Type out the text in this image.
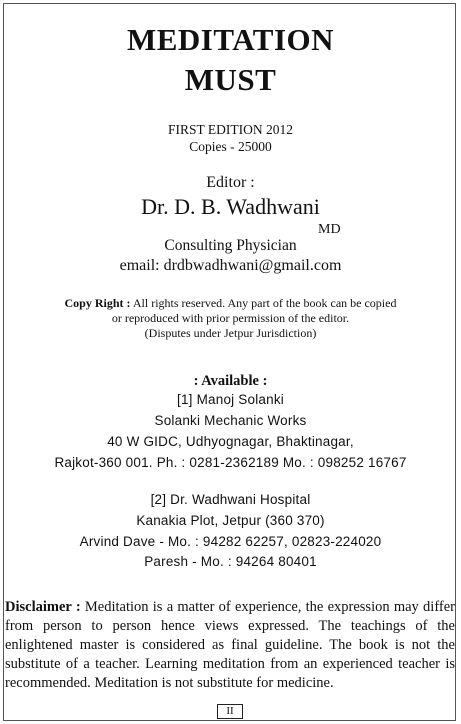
MEDITATION
MUST
FIRST EDITION 2012
Copies - 25000
Editor :
Dr. D. B. Wadhwani
MD
Consulting Physician
email: drdbwadhwani@gmail.com
Copy Right : All rights reserved. Any part of the book can be copied
or reproduced with prior permission of the editor.
(Disputes under Jetpur Jurisdiction)
: Available :
[1] Manoj Solanki
Solanki Mechanic Works
40 W GIDC, Udhyognagar, Bhaktinagar,
Rajkot-360 001. Ph. : 0281-2362189 Mo. : 098252 16767
[2] Dr. Wadhwani Hospital
Kanakia Plot, Jetpur (360 370)
Arvind Dave - Mo. : 94282 62257, 02823-224020
Paresh - Mo. : 94264 80401
Disclaimer : Meditation is a matter of experience, the expression may differ from person to person hence views expressed. The teachings of the enlightened master is considered as final guideline. The book is not the substitute of a teacher. Learning meditation from an experienced teacher is recommended. Meditation is not substitute for medicine.
II
